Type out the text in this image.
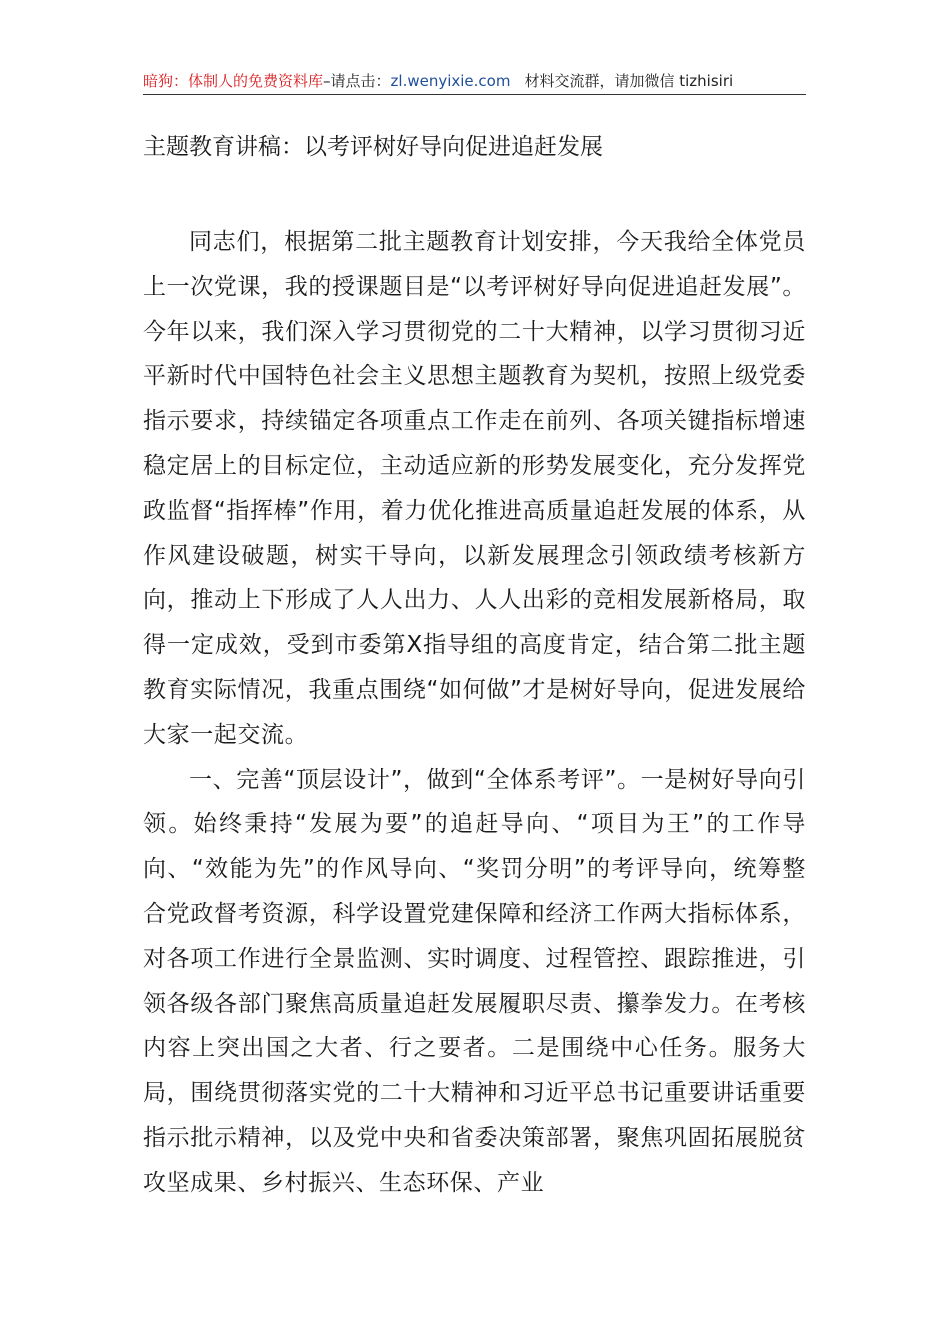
暗狗：体制人的免费资料库–请点击：zl.wenyixie.com 材料交流群，请加微信 tizhisiri
主题教育讲稿：以考评树好导向促进追赶发展

同志们，根据第二批主题教育计划安排，今天我给全体党员上一次党课，我的授课题目是“以考评树好导向促进追赶发展”。今年以来，我们深入学习贯彻党的二十大精神，以学习贯彻习近平新时代中国特色社会主义思想主题教育为契机，按照上级党委指示要求，持续锚定各项重点工作走在前列、各项关键指标增速稳定居上的目标定位，主动适应新的形势发展变化，充分发挥党政监督“指挥棒”作用，着力优化推进高质量追赶发展的体系，从作风建设破题，树实干导向，以新发展理念引领政绩考核新方向，推动上下形成了人人出力、人人出彩的竞相发展新格局，取得一定成效，受到市委第X指导组的高度肯定，结合第二批主题教育实际情况，我重点围绕“如何做”才是树好导向，促进发展给大家一起交流。

一、完善“顶层设计”，做到“全体系考评”。一是树好导向引领。始终秉持“发展为要”的追赶导向、“项目为王”的工作导向、“效能为先”的作风导向、“奖罚分明”的考评导向，统筹整合党政督考资源，科学设置党建保障和经济工作两大指标体系，对各项工作进行全景监测、实时调度、过程管控、跟踪推进，引领各级各部门聚焦高质量追赶发展履职尽责、攥拳发力。在考核内容上突出国之大者、行之要者。二是围绕中心任务。服务大局，围绕贯彻落实党的二十大精神和习近平总书记重要讲话重要指示批示精神，以及党中央和省委决策部署，聚焦巩固拓展脱贫攻坚成果、乡村振兴、生态环保、产业
